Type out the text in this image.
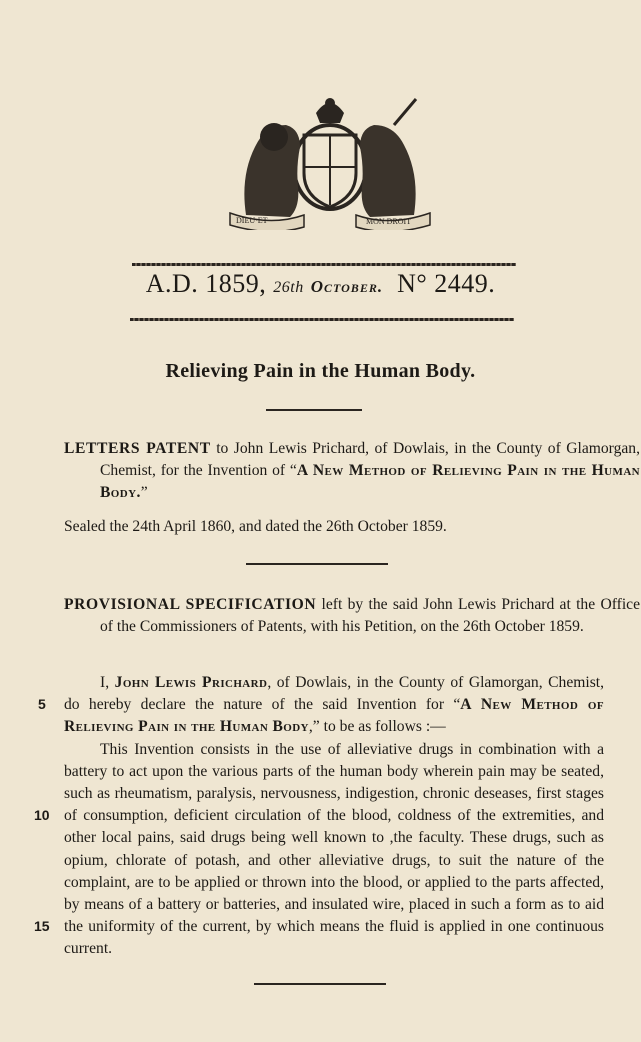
DIEU·ET	MON DROIT
A.D. 1859, 26th October. N° 2449.
Relieving Pain in the Human Body.
LETTERS PATENT to John Lewis Prichard, of Dowlais, in the County of Glamorgan, Chemist, for the Invention of “A New Method of Relieving Pain in the Human Body.”
Sealed the 24th April 1860, and dated the 26th October 1859.
PROVISIONAL SPECIFICATION left by the said John Lewis Prichard at the Office of the Commissioners of Patents, with his Petition, on the 26th October 1859.

I, John Lewis Prichard, of Dowlais, in the County of Glamorgan, Chemist, do hereby declare the nature of the said Invention for “A New Method of Relieving Pain in the Human Body,” to be as follows :—

This Invention consists in the use of alleviative drugs in combination with a battery to act upon the various parts of the human body wherein pain may be seated, such as rheumatism, paralysis, nervousness, indigestion, chronic deseases, first stages of consumption, deficient circulation of the blood, coldness of the extremities, and other local pains, said drugs being well known to ,the faculty. These drugs, such as opium, chlorate of potash, and other alleviative drugs, to suit the nature of the complaint, are to be applied or thrown into the blood, or applied to the parts affected, by means of a battery or batteries, and insulated wire, placed in such a form as to aid the uniformity of the current, by which means the fluid is applied in one continuous current.

5
10
15
